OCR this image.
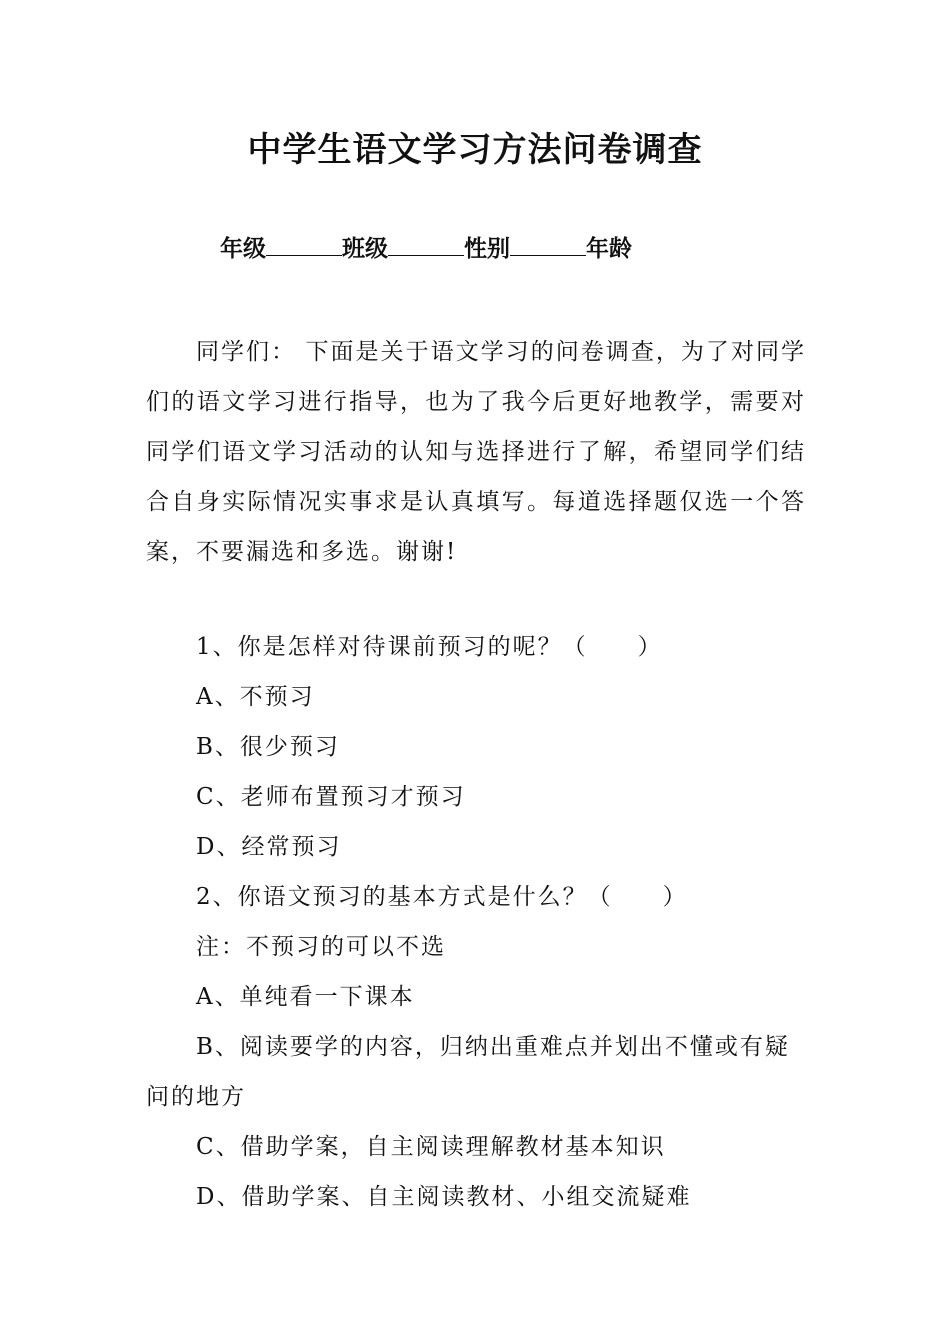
中学生语文学习方法问卷调查
年级	班级	性别	年龄
同学们： 下面是关于语文学习的问卷调查，为了对同学们的语文学习进行指导，也为了我今后更好地教学，需要对同学们语文学习活动的认知与选择进行了解，希望同学们结合自身实际情况实事求是认真填写。每道选择题仅选一个答案，不要漏选和多选。谢谢!
1、你是怎样对待课前预习的呢？（　　）
A、不预习
B、很少预习
C、老师布置预习才预习
D、经常预习
2、你语文预习的基本方式是什么？（　　）
注：不预习的可以不选
A、单纯看一下课本
B、阅读要学的内容，归纳出重难点并划出不懂或有疑问的地方
C、借助学案，自主阅读理解教材基本知识
D、借助学案、自主阅读教材、小组交流疑难
